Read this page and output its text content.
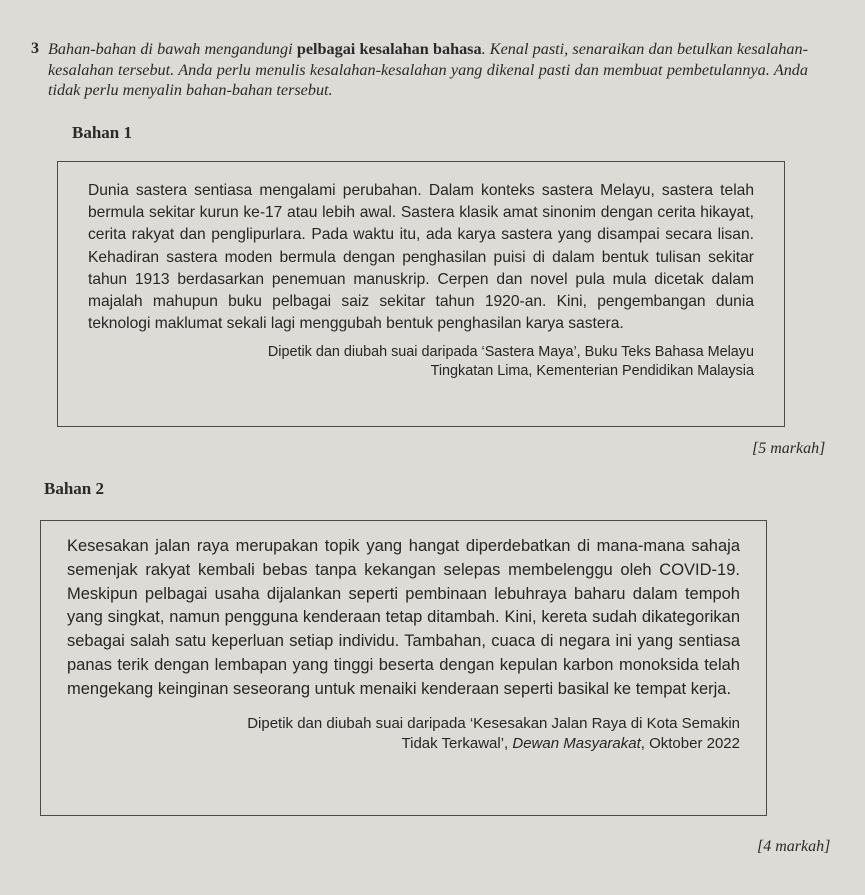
3 Bahan-bahan di bawah mengandungi pelbagai kesalahan bahasa. Kenal pasti, senaraikan dan betulkan kesalahan-kesalahan tersebut. Anda perlu menulis kesalahan-kesalahan yang dikenal pasti dan membuat pembetulannya. Anda tidak perlu menyalin bahan-bahan tersebut.
Bahan 1

Dunia sastera sentiasa mengalami perubahan. Dalam konteks sastera Melayu, sastera telah bermula sekitar kurun ke-17 atau lebih awal. Sastera klasik amat sinonim dengan cerita hikayat, cerita rakyat dan penglipurlara. Pada waktu itu, ada karya sastera yang disampai secara lisan. Kehadiran sastera moden bermula dengan penghasilan puisi di dalam bentuk tulisan sekitar tahun 1913 berdasarkan penemuan manuskrip. Cerpen dan novel pula mula dicetak dalam majalah mahupun buku pelbagai saiz sekitar tahun 1920-an. Kini, pengembangan dunia teknologi maklumat sekali lagi menggubah bentuk penghasilan karya sastera.

Dipetik dan diubah suai daripada ‘Sastera Maya’, Buku Teks Bahasa Melayu
Tingkatan Lima, Kementerian Pendidikan Malaysia

[5 markah]
Bahan 2

Kesesakan jalan raya merupakan topik yang hangat diperdebatkan di mana-mana sahaja semenjak rakyat kembali bebas tanpa kekangan selepas membelenggu oleh COVID-19. Meskipun pelbagai usaha dijalankan seperti pembinaan lebuhraya baharu dalam tempoh yang singkat, namun pengguna kenderaan tetap ditambah. Kini, kereta sudah dikategorikan sebagai salah satu keperluan setiap individu. Tambahan, cuaca di negara ini yang sentiasa panas terik dengan lembapan yang tinggi beserta dengan kepulan karbon monoksida telah mengekang keinginan seseorang untuk menaiki kenderaan seperti basikal ke tempat kerja.

Dipetik dan diubah suai daripada ‘Kesesakan Jalan Raya di Kota Semakin
Tidak Terkawal’, Dewan Masyarakat, Oktober 2022

[4 markah]
